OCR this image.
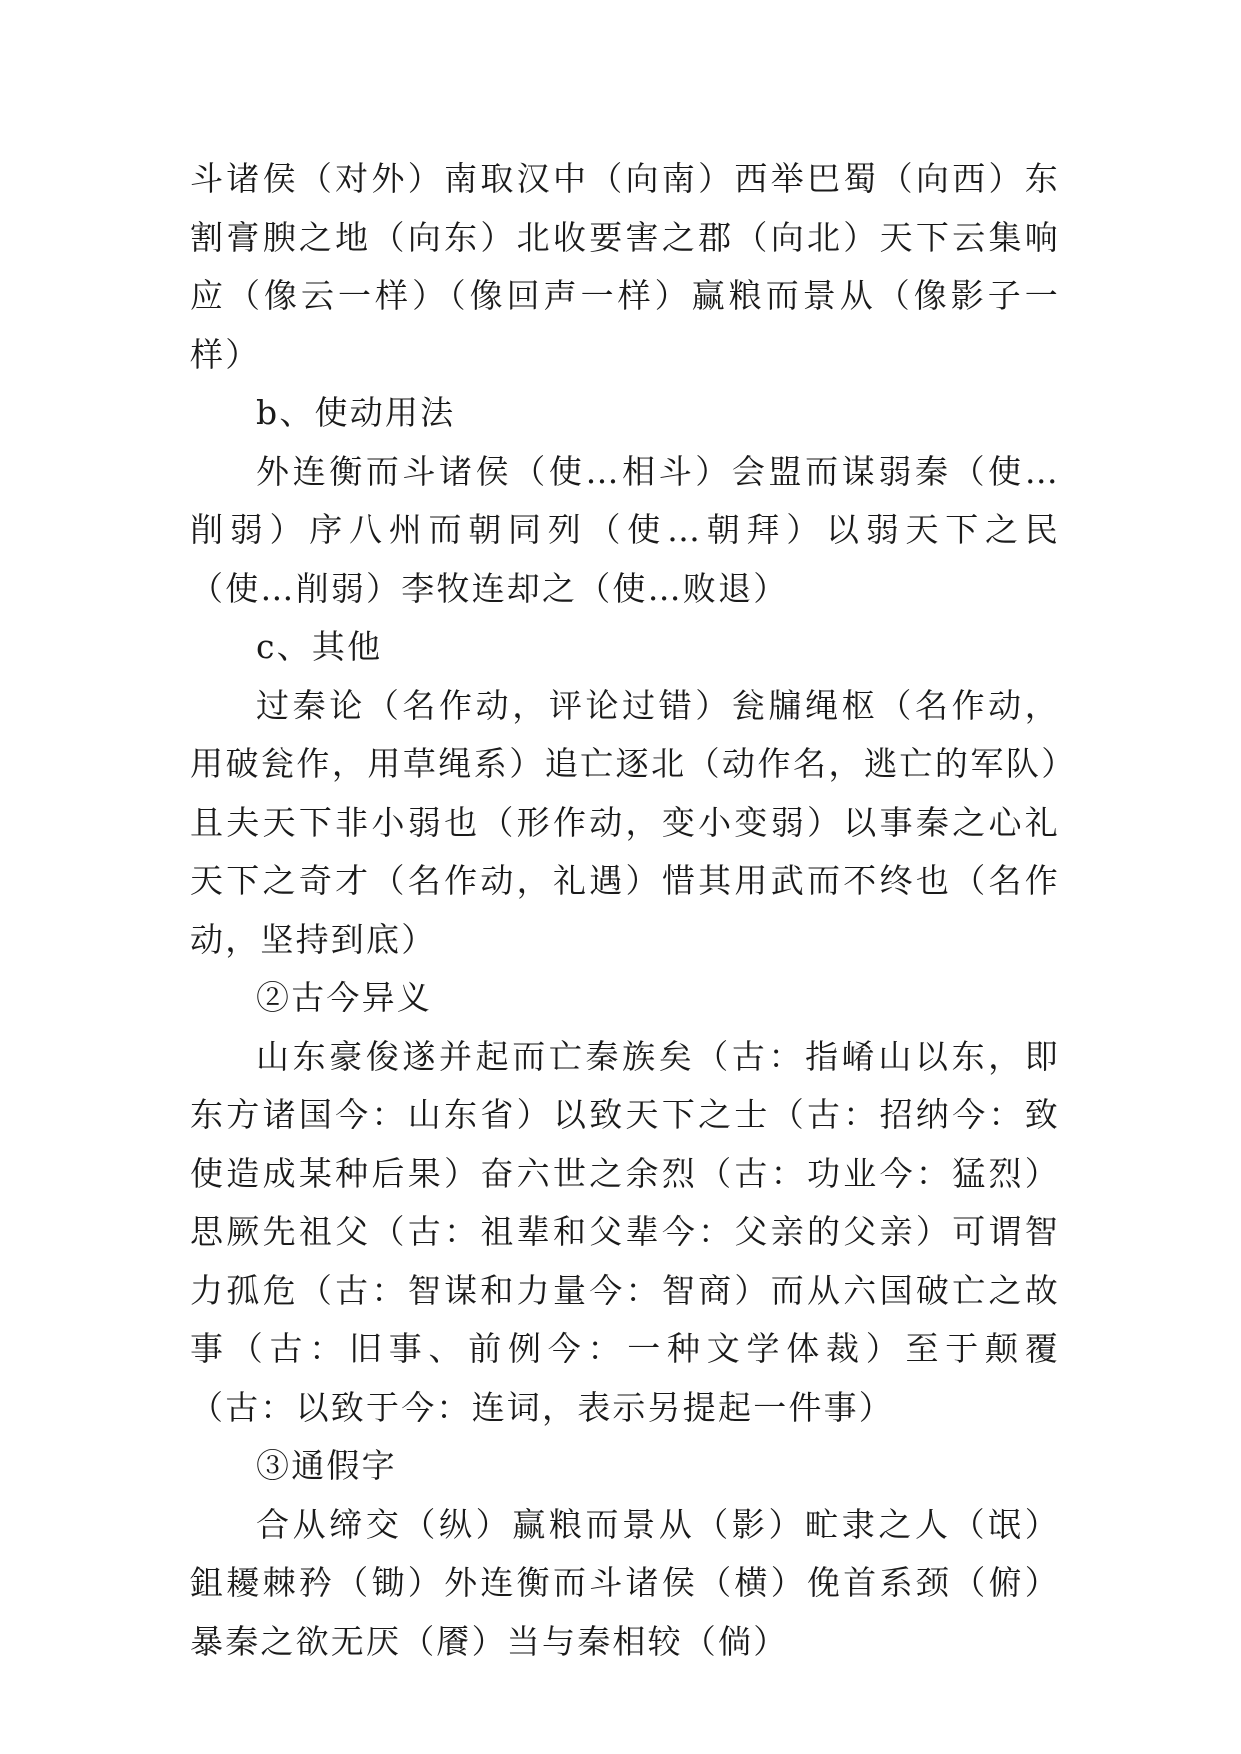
斗诸侯（对外）南取汉中（向南）西举巴蜀（向西）东割膏腴之地（向东）北收要害之郡（向北）天下云集响应（像云一样）（像回声一样）赢粮而景从（像影子一样）

b、使动用法

外连衡而斗诸侯（使…相斗）会盟而谋弱秦（使…削弱）序八州而朝同列（使…朝拜）以弱天下之民（使…削弱）李牧连却之（使…败退）

c、其他

过秦论（名作动，评论过错）瓮牖绳枢（名作动，用破瓮作，用草绳系）追亡逐北（动作名，逃亡的军队）且夫天下非小弱也（形作动，变小变弱）以事秦之心礼天下之奇才（名作动，礼遇）惜其用武而不终也（名作动，坚持到底）

②古今异义

山东豪俊遂并起而亡秦族矣（古：指崤山以东，即东方诸国今：山东省）以致天下之士（古：招纳今：致使造成某种后果）奋六世之余烈（古：功业今：猛烈）思厥先祖父（古：祖辈和父辈今：父亲的父亲）可谓智力孤危（古：智谋和力量今：智商）而从六国破亡之故事（古：旧事、前例今：一种文学体裁）至于颠覆（古：以致于今：连词，表示另提起一件事）

③通假字

合从缔交（纵）赢粮而景从（影）甿隶之人（氓）鉏耰棘矜（锄）外连衡而斗诸侯（横）俛首系颈（俯）暴秦之欲无厌（餍）当与秦相较（倘）
